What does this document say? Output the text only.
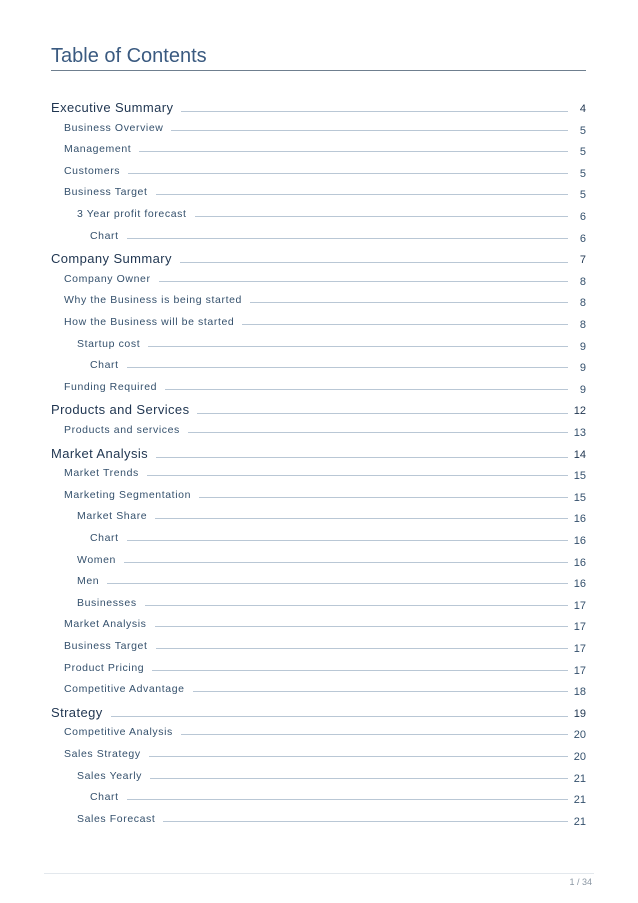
Table of Contents
Executive Summary	4
Business Overview	5
Management	5
Customers	5
Business Target	5
3 Year profit forecast	6
Chart	6
Company Summary	7
Company Owner	8
Why the Business is being started	8
How the Business will be started	8
Startup cost	9
Chart	9
Funding Required	9
Products and Services	12
Products and services	13
Market Analysis	14
Market Trends	15
Marketing Segmentation	15
Market Share	16
Chart	16
Women	16
Men	16
Businesses	17
Market Analysis	17
Business Target	17
Product Pricing	17
Competitive Advantage	18
Strategy	19
Competitive Analysis	20
Sales Strategy	20
Sales Yearly	21
Chart	21
Sales Forecast	21
1 / 34
